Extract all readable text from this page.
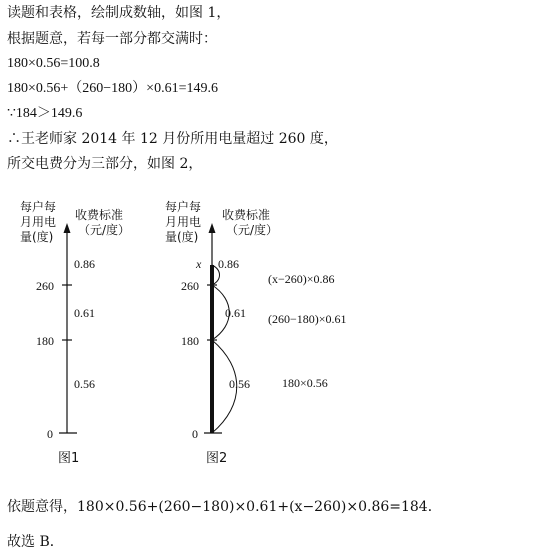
读题和表格，绘制成数轴，如图 1，
根据题意，若每一部分都交满时：
180×0.56=100.8
180×0.56+（260−180）×0.61=149.6
∵184＞149.6
∴王老师家 2014 年 12 月份所用电量超过 260 度，
所交电费分为三部分，如图 2，
每户每
月用电
量(度)
收费标准
（元/度）
0
180
260
0.56
0.61
0.86
图1
每户每
月用电
量(度)
收费标准
（元/度）
0
180
260
x
0.56
0.61
0.86
(x−260)×0.86
(260−180)×0.61
180×0.56
图2
依题意得，180×0.56+(260−180)×0.61+(x−260)×0.86=184．
故选 B．
